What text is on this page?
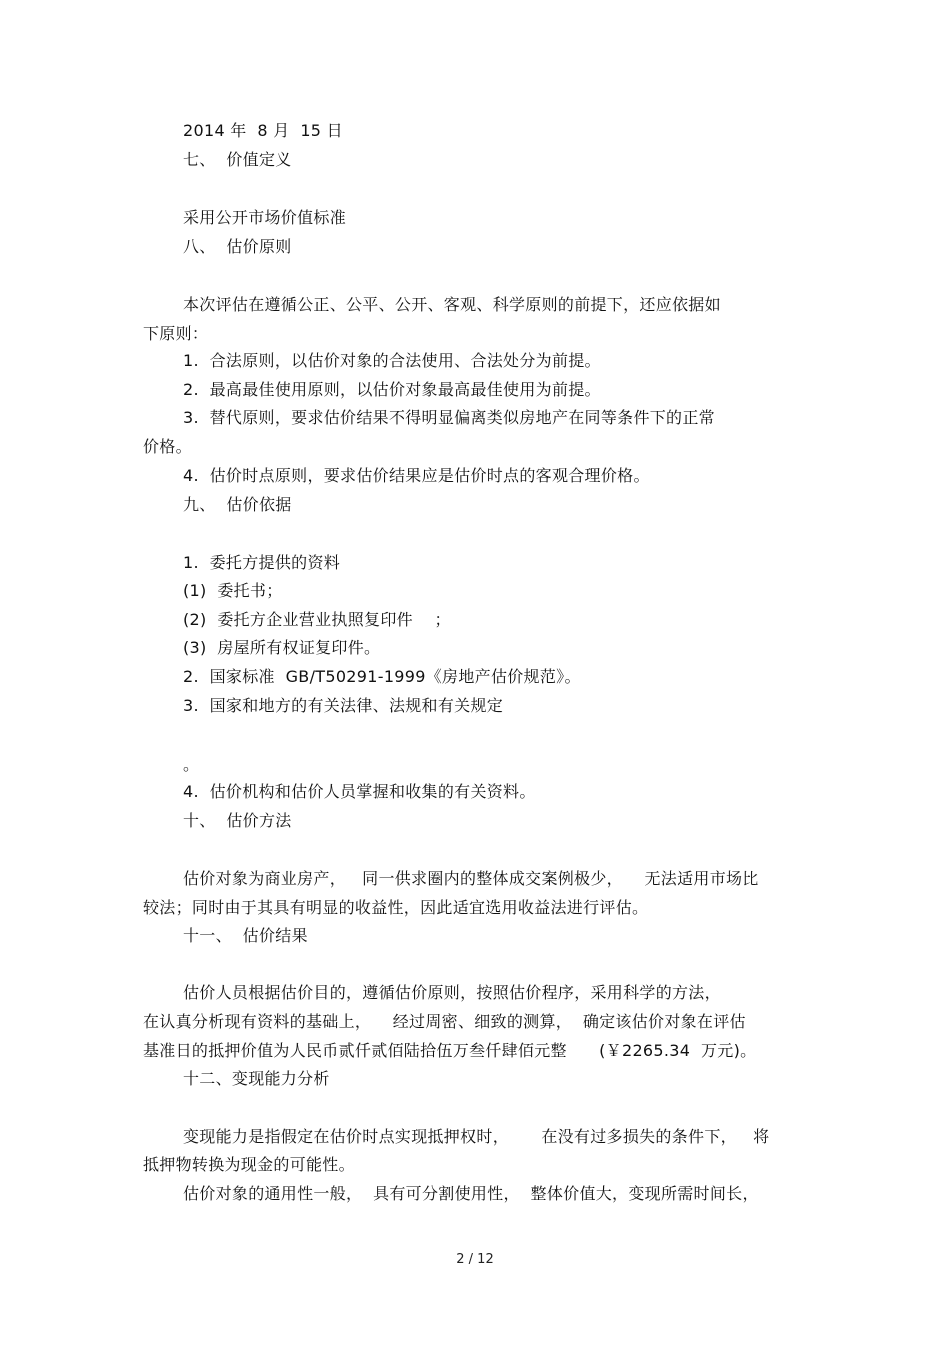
2014 年  8 月  15 日
七、  价值定义
采用公开市场价值标准
八、  估价原则
本次评估在遵循公正、公平、公开、客观、科学原则的前提下，还应依据如
下原则：
1.  合法原则，以估价对象的合法使用、合法处分为前提。
2.  最高最佳使用原则，以估价对象最高最佳使用为前提。
3.  替代原则，要求估价结果不得明显偏离类似房地产在同等条件下的正常
价格。
4.  估价时点原则，要求估价结果应是估价时点的客观合理价格。
九、  估价依据
1.  委托方提供的资料
(1)  委托书；
(2)  委托方企业营业执照复印件    ；
(3)  房屋所有权证复印件。
2.  国家标准  GB/T50291-1999《房地产估价规范》。
3.  国家和地方的有关法律、法规和有关规定
。
4.  估价机构和估价人员掌握和收集的有关资料。
十、  估价方法
估价对象为商业房产，   同一供求圈内的整体成交案例极少，    无法适用市场比
较法；同时由于其具有明显的收益性，因此适宜选用收益法进行评估。
十一、  估价结果
估价人员根据估价目的，遵循估价原则，按照估价程序，采用科学的方法，
在认真分析现有资料的基础上，    经过周密、细致的测算，  确定该估价对象在评估
基准日的抵押价值为人民币贰仟贰佰陆拾伍万叁仟肆佰元整      (￥2265.34  万元)。
十二、变现能力分析
变现能力是指假定在估价时点实现抵押权时，      在没有过多损失的条件下，   将
抵押物转换为现金的可能性。
估价对象的通用性一般，  具有可分割使用性，  整体价值大，变现所需时间长，
2 / 12
